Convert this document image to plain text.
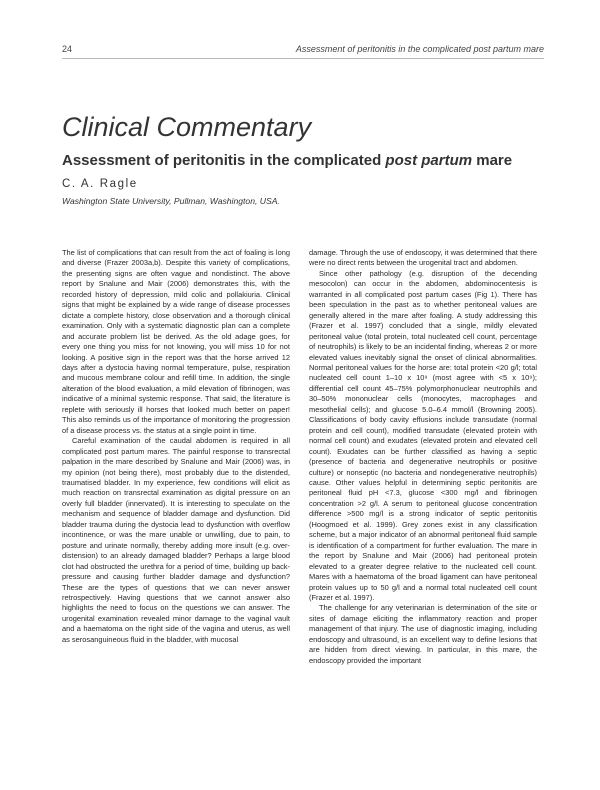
24	Assessment of peritonitis in the complicated post partum mare
Clinical Commentary
Assessment of peritonitis in the complicated post partum mare
C. A. Ragle
Washington State University, Pullman, Washington, USA.

The list of complications that can result from the act of foaling is long and diverse (Frazer 2003a,b). Despite this variety of complications, the presenting signs are often vague and nondistinct. The above report by Snalune and Mair (2006) demonstrates this, with the recorded history of depression, mild colic and pollakiuria. Clinical signs that might be explained by a wide range of disease processes dictate a complete history, close observation and a thorough clinical examination. Only with a systematic diagnostic plan can a complete and accurate problem list be derived. As the old adage goes, for every one thing you miss for not knowing, you will miss 10 for not looking. A positive sign in the report was that the horse arrived 12 days after a dystocia having normal temperature, pulse, respiration and mucous membrane colour and refill time. In addition, the single alteration of the blood evaluation, a mild elevation of fibrinogen, was indicative of a minimal systemic response. That said, the literature is replete with seriously ill horses that looked much better on paper! This also reminds us of the importance of monitoring the progression of a disease process vs. the status at a single point in time.

Careful examination of the caudal abdomen is required in all complicated post partum mares. The painful response to transrectal palpation in the mare described by Snalune and Mair (2006) was, in my opinion (not being there), most probably due to the distended, traumatised bladder. In my experience, few conditions will elicit as much reaction on transrectal examination as digital pressure on an overly full bladder (innervated). It is interesting to speculate on the mechanism and sequence of bladder damage and dysfunction. Did bladder trauma during the dystocia lead to dysfunction with overflow incontinence, or was the mare unable or unwilling, due to pain, to posture and urinate normally, thereby adding more insult (e.g. over-distension) to an already damaged bladder? Perhaps a large blood clot had obstructed the urethra for a period of time, building up back-pressure and causing further bladder damage and dysfunction? These are the types of questions that we can never answer retrospectively. Having questions that we cannot answer also highlights the need to focus on the questions we can answer. The urogenital examination revealed minor damage to the vaginal vault and a haematoma on the right side of the vagina and uterus, as well as serosanguineous fluid in the bladder, with mucosal

damage. Through the use of endoscopy, it was determined that there were no direct rents between the urogenital tract and abdomen.

Since other pathology (e.g. disruption of the decending mesocolon) can occur in the abdomen, abdominocentesis is warranted in all complicated post partum cases (Fig 1). There has been speculation in the past as to whether peritoneal values are generally altered in the mare after foaling. A study addressing this (Frazer et al. 1997) concluded that a single, mildly elevated peritoneal value (total protein, total nucleated cell count, percentage of neutrophils) is likely to be an incidental finding, whereas 2 or more elevated values inevitably signal the onset of clinical abnormalities. Normal peritoneal values for the horse are: total protein <20 g/l; total nucleated cell count 1–10 x 10⁹ (most agree with <5 x 10⁹); differential cell count 45–75% polymorphonuclear neutrophils and 30–50% mononuclear cells (monocytes, macrophages and mesothelial cells); and glucose 5.0–6.4 mmol/l (Browning 2005). Classifications of body cavity effusions include transudate (normal protein and cell count), modified transudate (elevated protein with normal cell count) and exudates (elevated protein and elevated cell count). Exudates can be further classified as having a septic (presence of bacteria and degenerative neutrophils or positive culture) or nonseptic (no bacteria and nondegenerative neutrophils) cause. Other values helpful in determining septic peritonitis are peritoneal fluid pH <7.3, glucose <300 mg/l and fibrinogen concentration >2 g/l. A serum to peritoneal glucose concentration difference >500 mg/l is a strong indicator of septic peritonitis (Hoogmoed et al. 1999). Grey zones exist in any classification scheme, but a major indicator of an abnormal peritoneal fluid sample is identification of a compartment for further evaluation. The mare in the report by Snalune and Mair (2006) had peritoneal protein elevated to a greater degree relative to the nucleated cell count. Mares with a haematoma of the broad ligament can have peritoneal protein values up to 50 g/l and a normal total nucleated cell count (Frazer et al. 1997).

The challenge for any veterinarian is determination of the site or sites of damage eliciting the inflammatory reaction and proper management of that injury. The use of diagnostic imaging, including endoscopy and ultrasound, is an excellent way to define lesions that are hidden from direct viewing. In particular, in this mare, the endoscopy provided the important
